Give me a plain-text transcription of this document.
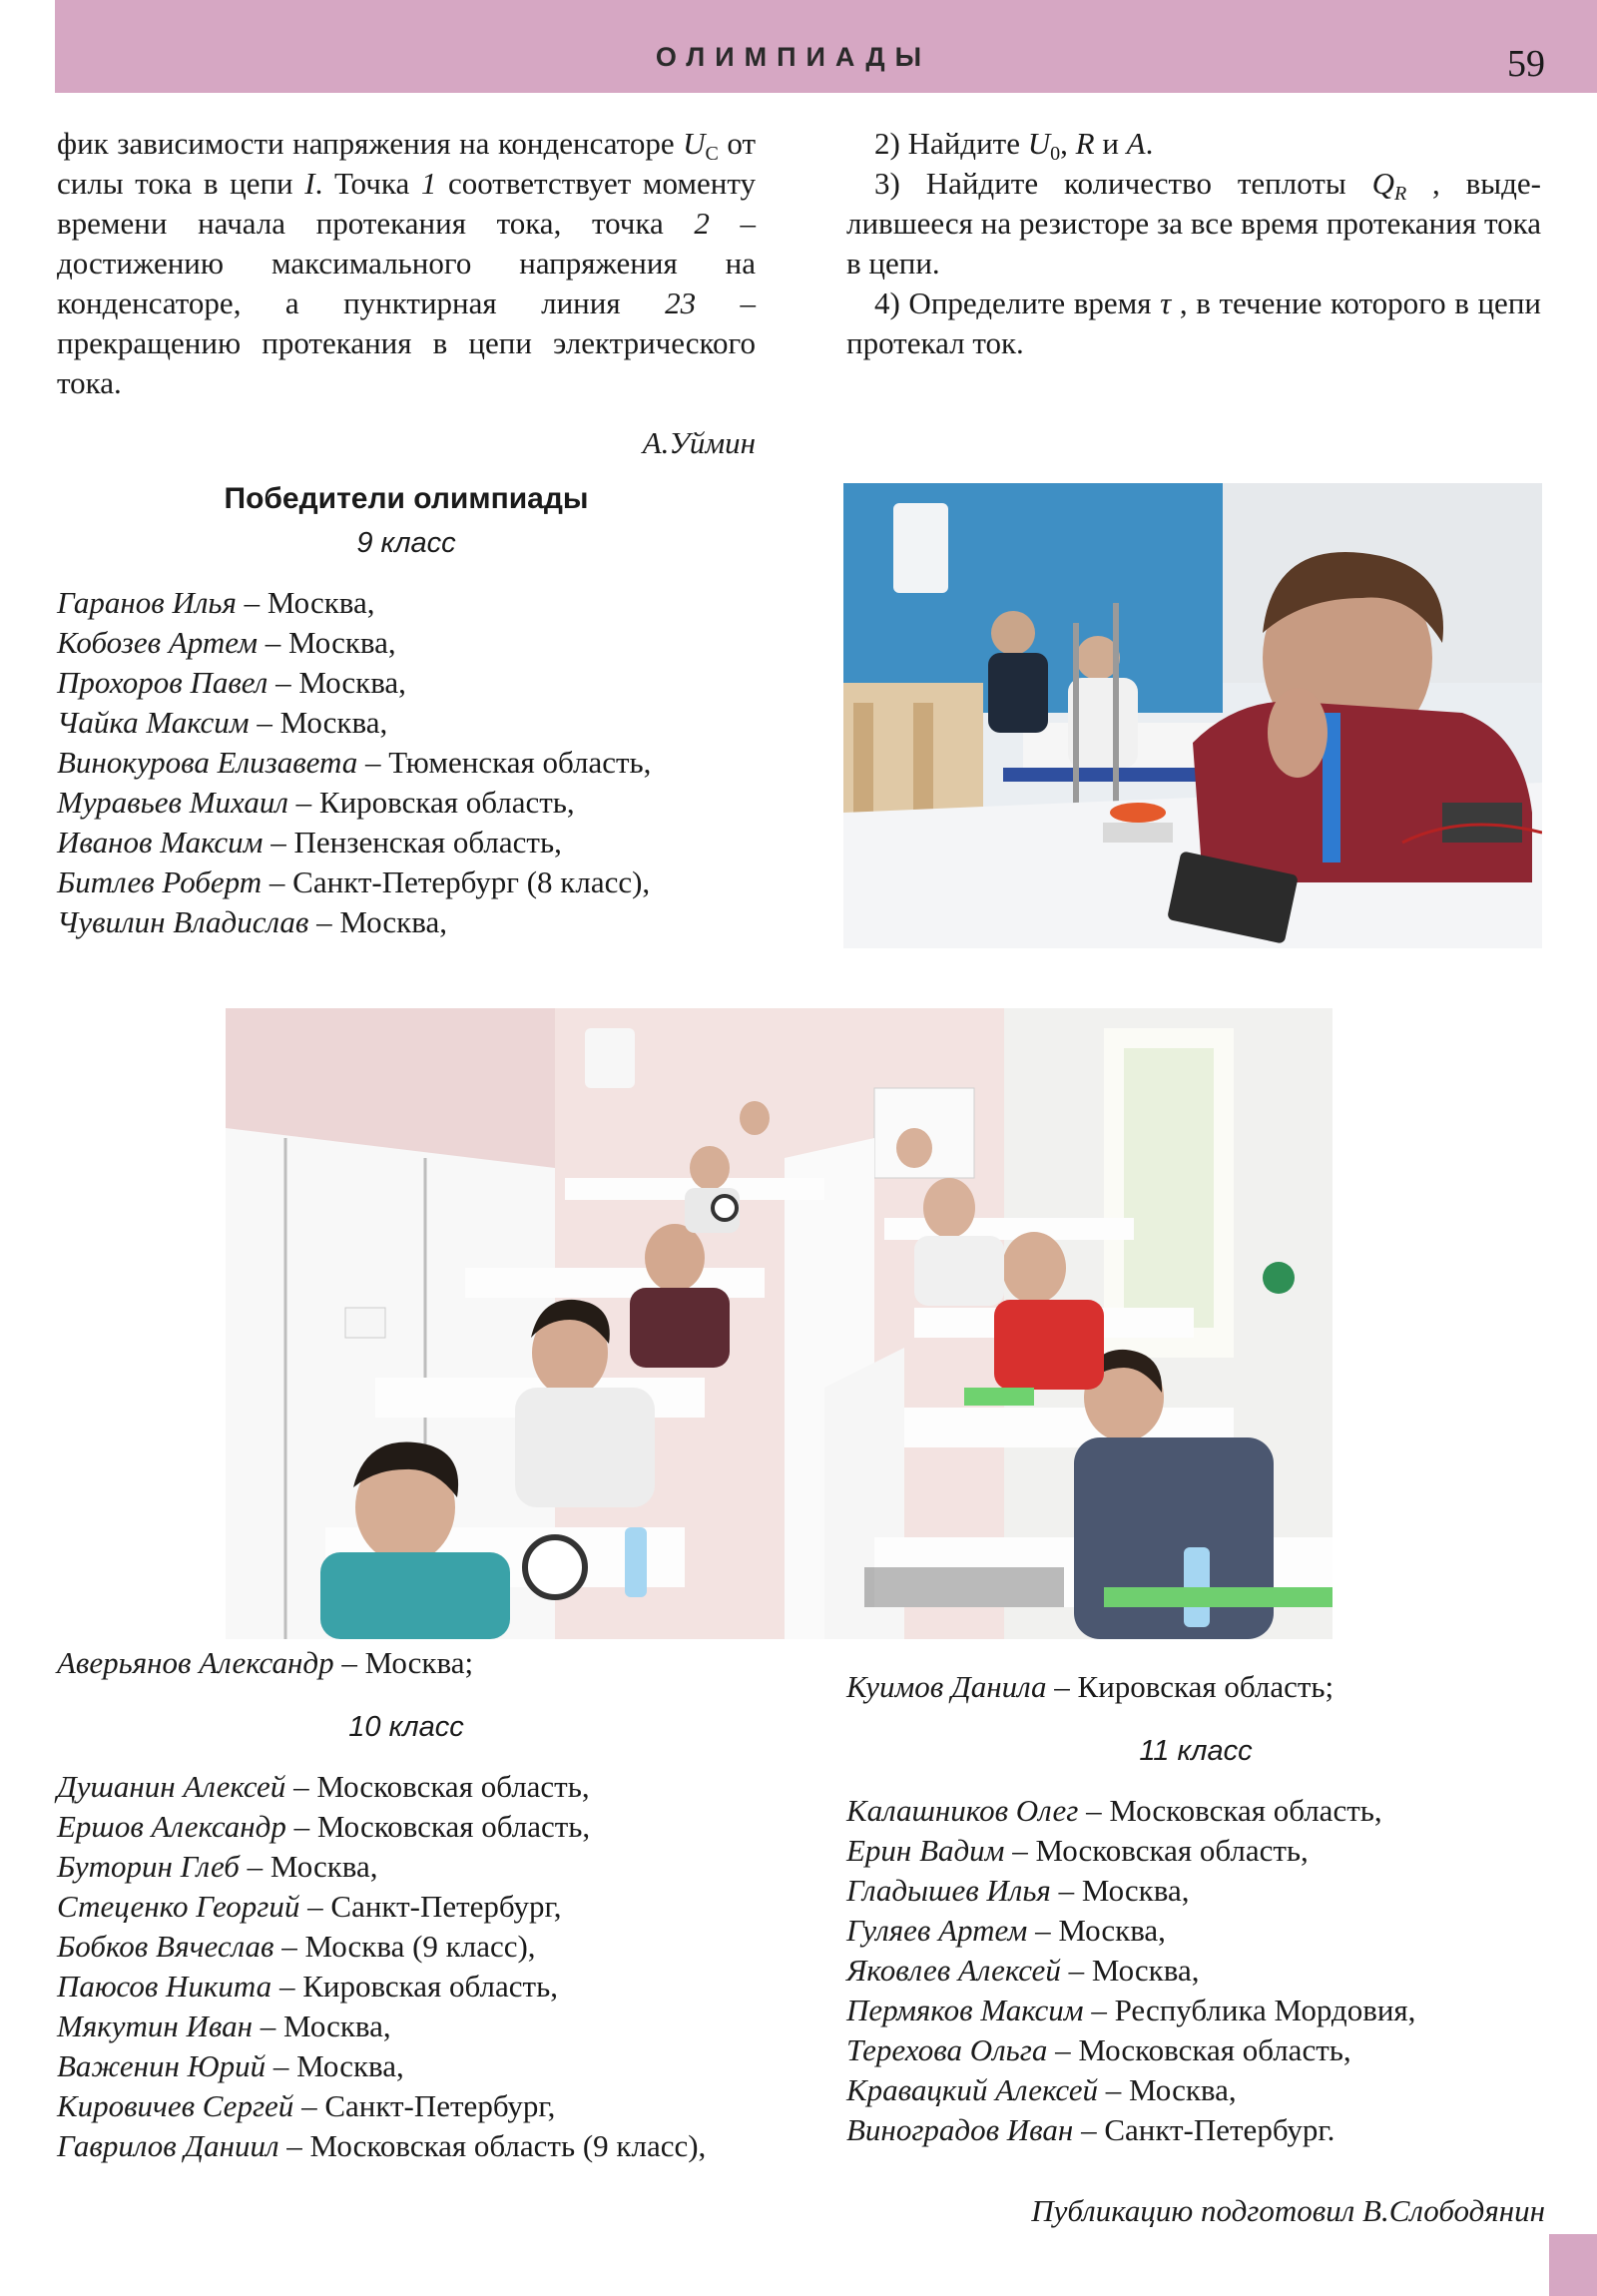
ОЛИМПИАДЫ	59

фик зависимости напряжения на конденсаторе $U_C$ от силы тока в цепи I. Точка 1 соответствует моменту времени начала протекания тока, точка 2 – достижению максимального напряжения на конденсаторе, а пунктирная линия 23 – прекращению протекания в цепи электрического тока.

А.Уймин

Победители олимпиады

9 класс

Гаранов Илья – Москва,

Кобозев Артем – Москва,

Прохоров Павел – Москва,

Чайка Максим – Москва,

Винокурова Елизавета – Тюменская область,

Муравьев Михаил – Кировская область,

Иванов Максим – Пензенская область,

Битлев Роберт – Санкт-Петербург (8 класс),

Чувилин Владислав – Москва,

2) Найдите $U_0$, R и A.

3) Найдите количество теплоты $Q_R$ , выделившееся на резисторе за все время протекания тока в цепи.

4) Определите время τ , в течение которого в цепи протекал ток.

Аверьянов Александр – Москва;

10 класс

Душанин Алексей – Московская область,

Ершов Александр – Московская область,

Буторин Глеб – Москва,

Стеценко Георгий – Санкт-Петербург,

Бобков Вячеслав – Москва (9 класс),

Паюсов Никита – Кировская область,

Мякутин Иван – Москва,

Важенин Юрий – Москва,

Кировичев Сергей – Санкт-Петербург,

Гаврилов Даниил – Московская область (9 класс),

Куимов Данила – Кировская область;

11 класс

Калашников Олег – Московская область,

Ерин Вадим – Московская область,

Гладышев Илья – Москва,

Гуляев Артем – Москва,

Яковлев Алексей – Москва,

Пермяков Максим – Республика Мордовия,

Терехова Ольга – Московская область,

Кравацкий Алексей – Москва,

Виноградов Иван – Санкт-Петербург.

Публикацию подготовил В.Слободянин
